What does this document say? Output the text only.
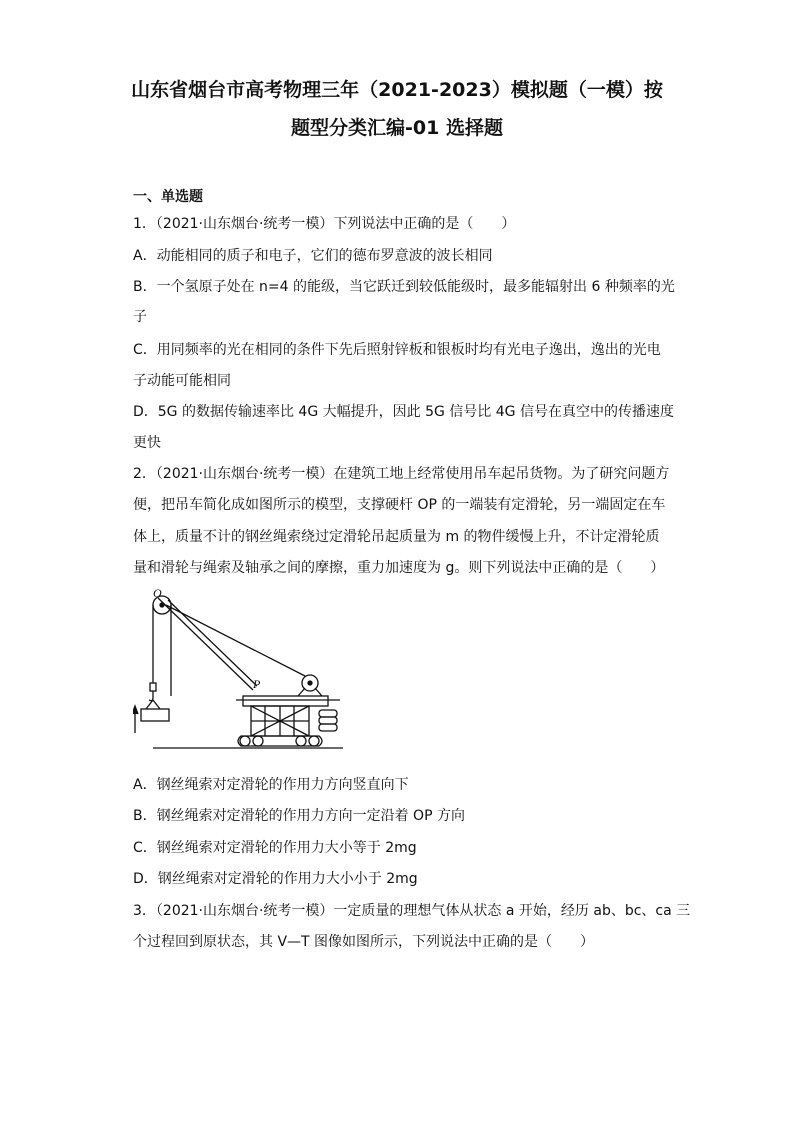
山东省烟台市高考物理三年（2021-2023）模拟题（一模）按
题型分类汇编-01 选择题
一、单选题
1．（2021·山东烟台·统考一模）下列说法中正确的是（　　）
A．动能相同的质子和电子，它们的德布罗意波的波长相同
B．一个氢原子处在 n=4 的能级，当它跃迁到较低能级时，最多能辐射出 6 种频率的光
子
C．用同频率的光在相同的条件下先后照射锌板和银板时均有光电子逸出，逸出的光电
子动能可能相同
D．5G 的数据传输速率比 4G 大幅提升，因此 5G 信号比 4G 信号在真空中的传播速度
更快
2．（2021·山东烟台·统考一模）在建筑工地上经常使用吊车起吊货物。为了研究问题方
便，把吊车简化成如图所示的模型，支撑硬杆 OP 的一端装有定滑轮，另一端固定在车
体上，质量不计的钢丝绳索绕过定滑轮吊起质量为 m 的物件缓慢上升，不计定滑轮质
量和滑轮与绳索及轴承之间的摩擦，重力加速度为 g。则下列说法中正确的是（　　）
O
P
A．钢丝绳索对定滑轮的作用力方向竖直向下
B．钢丝绳索对定滑轮的作用力方向一定沿着 OP 方向
C．钢丝绳索对定滑轮的作用力大小等于 2mg
D．钢丝绳索对定滑轮的作用力大小小于 2mg
3．（2021·山东烟台·统考一模）一定质量的理想气体从状态 a 开始，经历 ab、bc、ca 三
个过程回到原状态，其 V—T 图像如图所示，下列说法中正确的是（　　）
